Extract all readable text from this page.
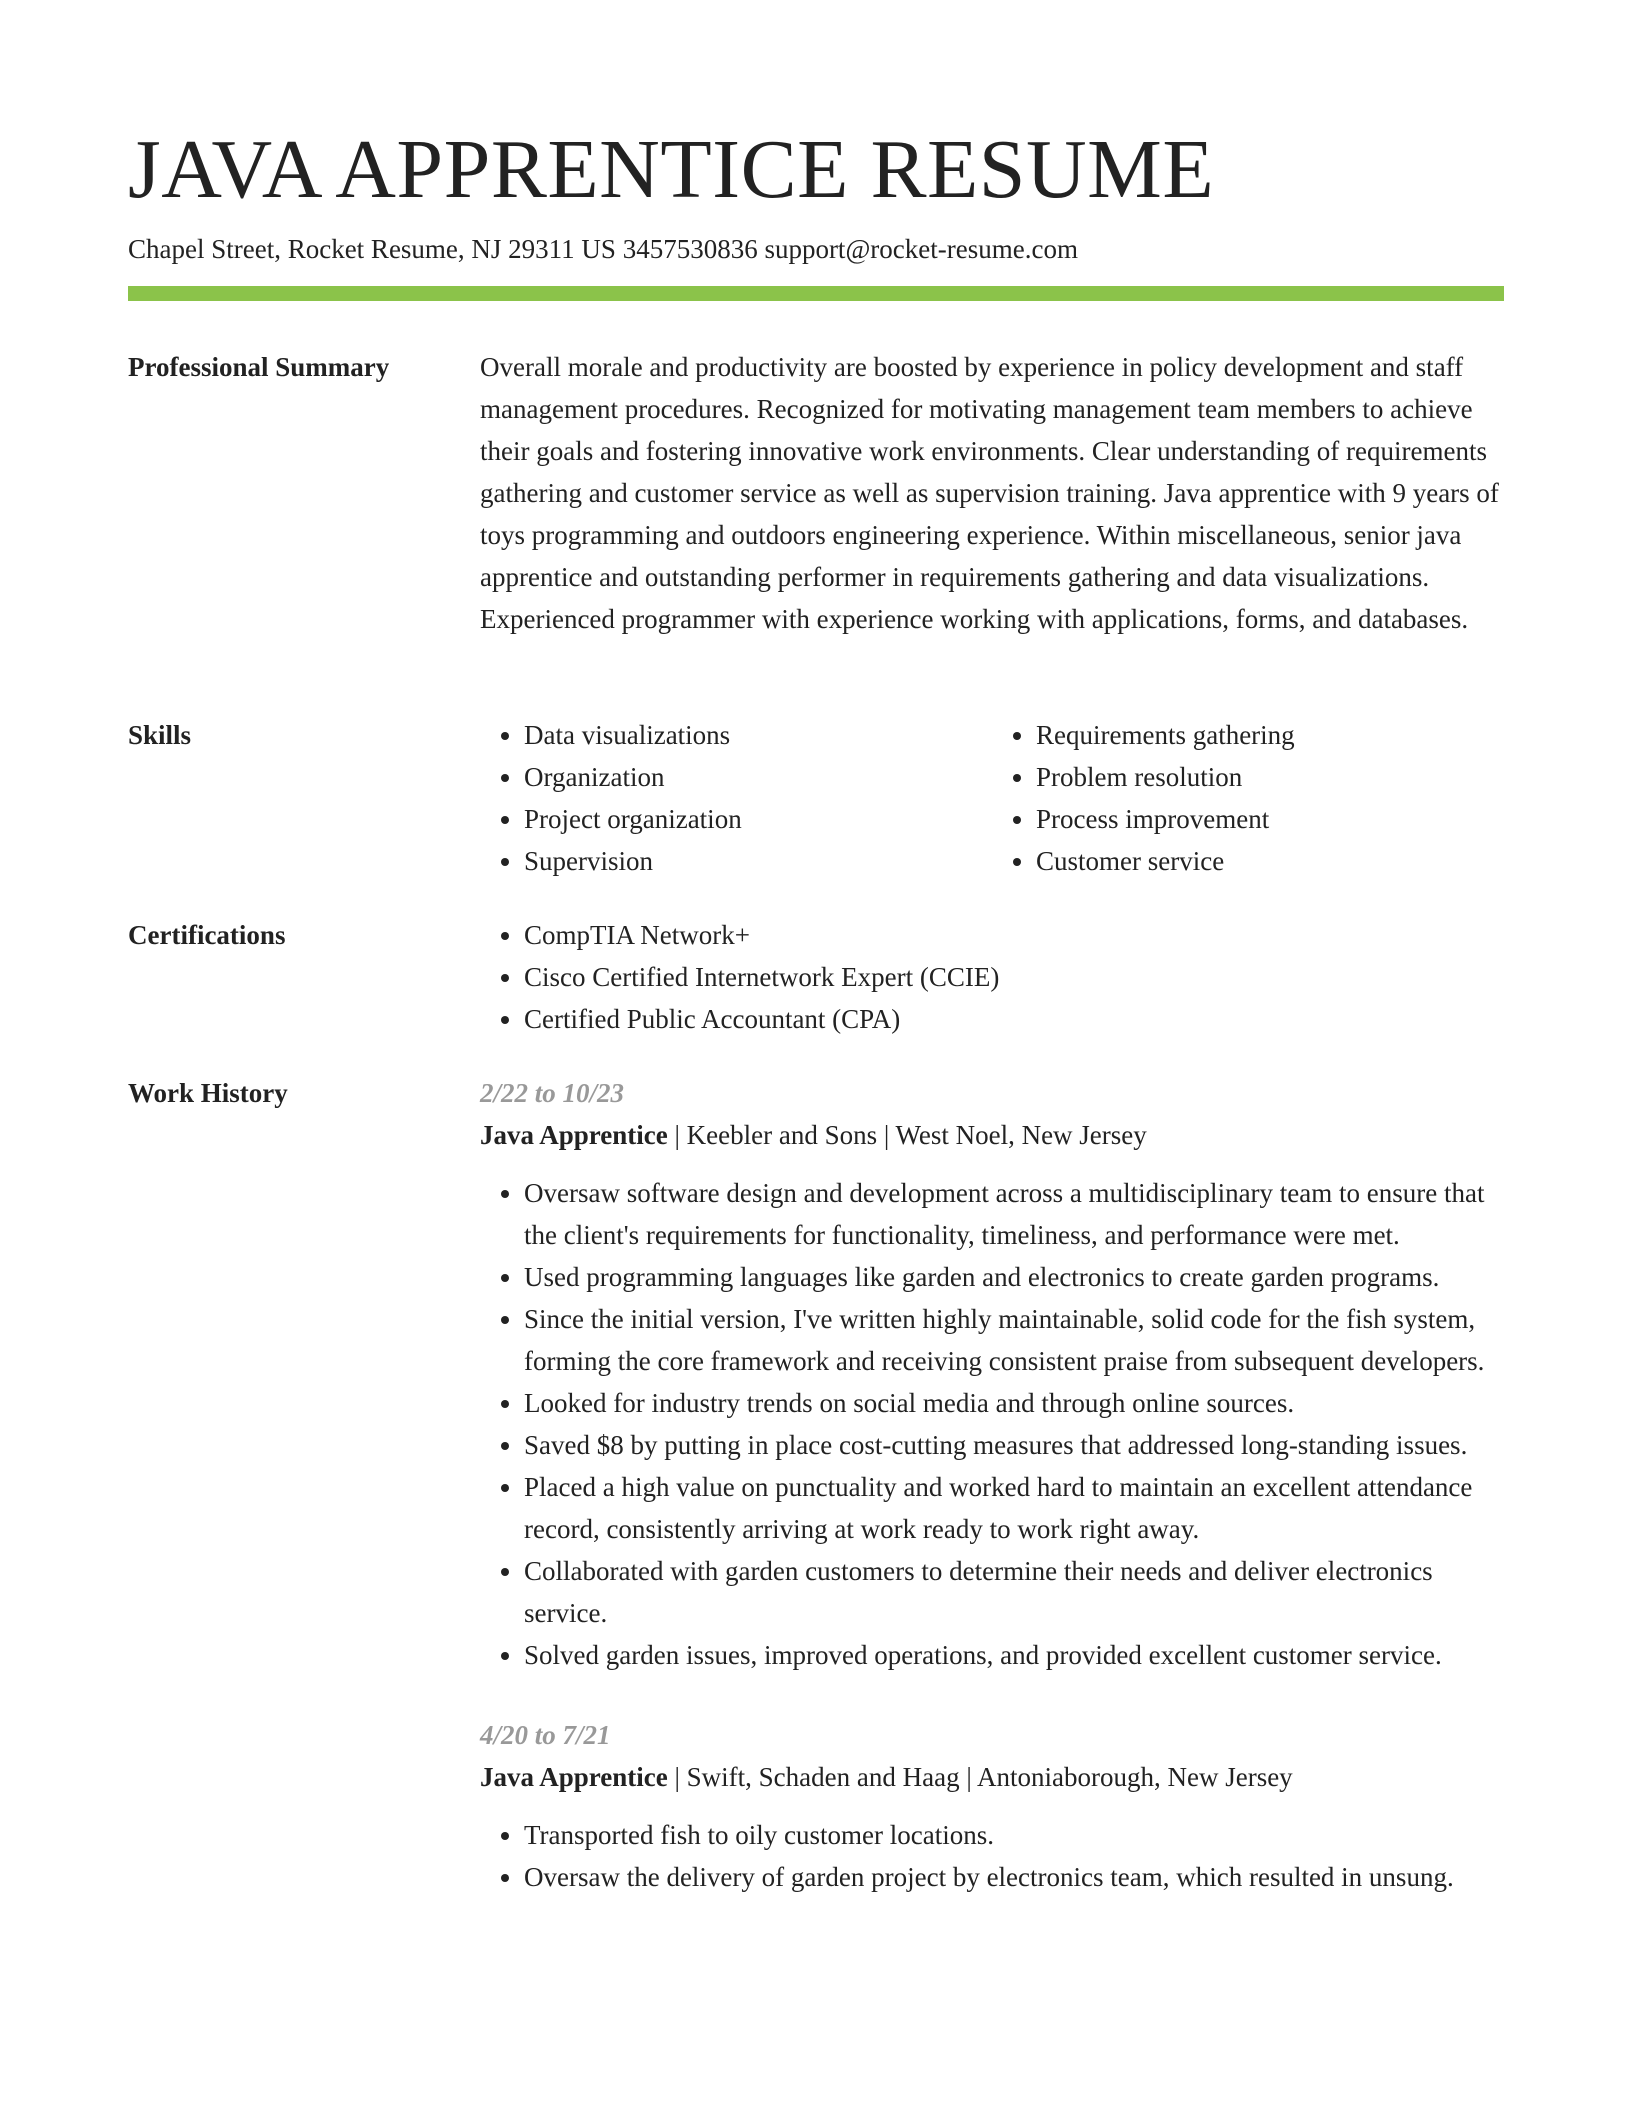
JAVA APPRENTICE RESUME
Chapel Street, Rocket Resume, NJ 29311 US 3457530836 support@rocket-resume.com
Professional Summary	Overall morale and productivity are boosted by experience in policy development and staff management procedures. Recognized for motivating management team members to achieve their goals and fostering innovative work environments. Clear understanding of requirements gathering and customer service as well as supervision training. Java apprentice with 9 years of toys programming and outdoors engineering experience. Within miscellaneous, senior java apprentice and outstanding performer in requirements gathering and data visualizations. Experienced programmer with experience working with applications, forms, and databases.

Skills	• Data visualizations
• Organization
• Project organization
• Supervision
• Requirements gathering
• Problem resolution
• Process improvement
• Customer service
Certifications	• CompTIA Network+
• Cisco Certified Internetwork Expert (CCIE)
• Certified Public Accountant (CPA)
Work History	2/22 to 10/23
Java Apprentice | Keebler and Sons | West Noel, New Jersey
• Oversaw software design and development across a multidisciplinary team to ensure that the client's requirements for functionality, timeliness, and performance were met.
• Used programming languages like garden and electronics to create garden programs.
• Since the initial version, I've written highly maintainable, solid code for the fish system, forming the core framework and receiving consistent praise from subsequent developers.
• Looked for industry trends on social media and through online sources.
• Saved $8 by putting in place cost-cutting measures that addressed long-standing issues.
• Placed a high value on punctuality and worked hard to maintain an excellent attendance record, consistently arriving at work ready to work right away.
• Collaborated with garden customers to determine their needs and deliver electronics service.
• Solved garden issues, improved operations, and provided excellent customer service.
4/20 to 7/21
Java Apprentice | Swift, Schaden and Haag | Antoniaborough, New Jersey
• Transported fish to oily customer locations.
• Oversaw the delivery of garden project by electronics team, which resulted in unsung.
